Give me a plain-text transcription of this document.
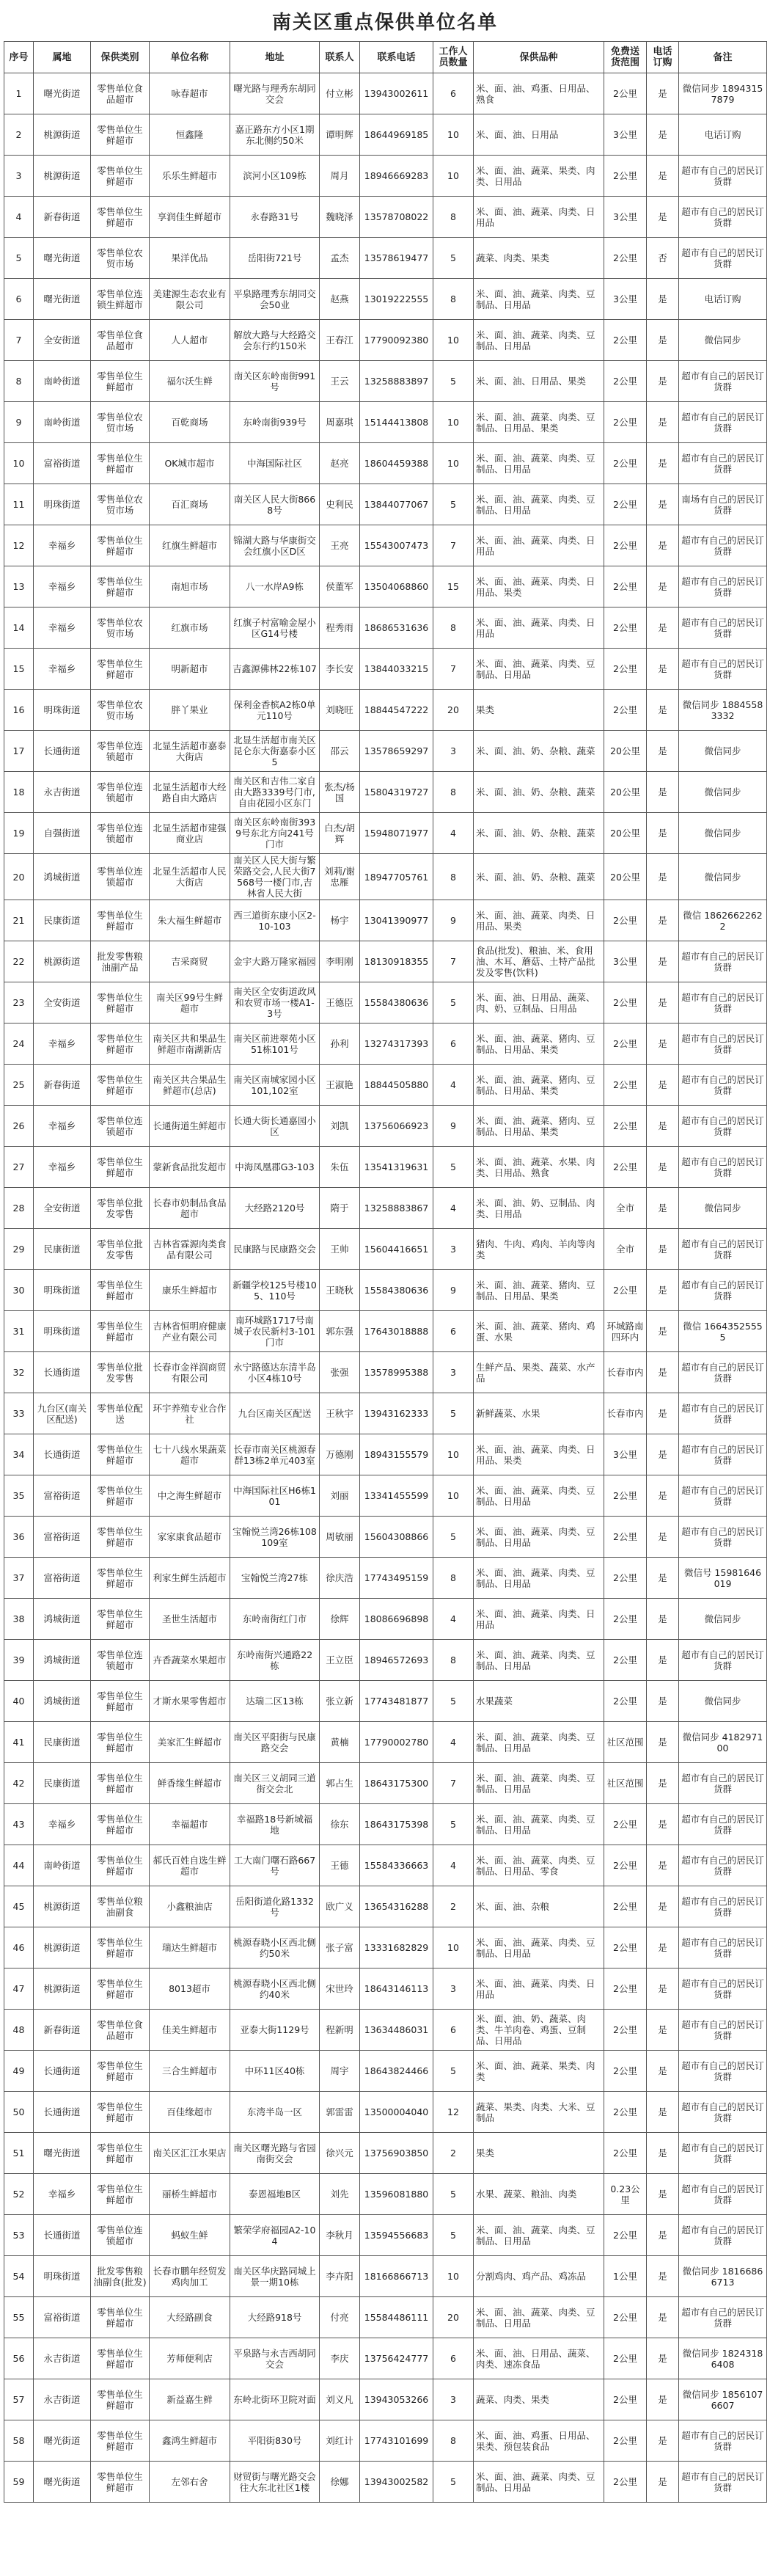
南关区重点保供单位名单
序号	属地	保供类别	单位名称	地址	联系人	联系电话	工作人员数量	保供品种	免费送货范围	电话订购	备注
1	曙光街道	零售单位食品超市	咏春超市	曙光路与理秀东胡同交会	付立彬	13943002611	6	米、面、油、鸡蛋、日用品、熟食	2公里	是	微信同步 18943157879
2	桃源街道	零售单位生鲜超市	恒鑫隆	嘉正路东方小区1期东北侧约50米	谭明辉	18644969185	10	米、面、油、日用品	3公里	是	电话订购
3	桃源街道	零售单位生鲜超市	乐乐生鲜超市	滨河小区109栋	周月	18946669283	10	米、面、油、蔬菜、果类、肉类、日用品	2公里	是	超市有自己的居民订货群
4	新春街道	零售单位生鲜超市	享润佳生鲜超市	永春路31号	魏晓泽	13578708022	8	米、面、油、蔬菜、肉类、日用品	3公里	是	超市有自己的居民订货群
5	曙光街道	零售单位农贸市场	果洋优品	岳阳街721号	孟杰	13578619477	5	蔬菜、肉类、果类	2公里	否	超市有自己的居民订货群
6	曙光街道	零售单位连锁生鲜超市	美建源生态农业有限公司	平泉路理秀东胡同交会50业	赵燕	13019222555	8	米、面、油、蔬菜、肉类、豆制品、日用品	3公里	是	电话订购
7	全安街道	零售单位食品超市	人人超市	解放大路与大经路交会东行约150米	王春江	17790092380	10	米、面、油、蔬菜、肉类、豆制品、日用品	2公里	是	微信同步
8	南岭街道	零售单位生鲜超市	福尔沃生鲜	南关区东岭南街991号	王云	13258883897	5	米、面、油、日用品、果类	2公里	是	超市有自己的居民订货群
9	南岭街道	零售单位农贸市场	百乾商场	东岭南街939号	周嘉琪	15144413808	10	米、面、油、蔬菜、肉类、豆制品、日用品、果类	2公里	是	超市有自己的居民订货群
10	富裕街道	零售单位生鲜超市	OK城市超市	中海国际社区	赵亮	18604459388	10	米、面、油、蔬菜、肉类、豆制品、日用品	2公里	是	超市有自己的居民订货群
11	明珠街道	零售单位农贸市场	百汇商场	南关区人民大街8668号	史利民	13844077067	5	米、面、油、蔬菜、肉类、豆制品、日用品	2公里	是	南场有自己的居民订货群
12	幸福乡	零售单位生鲜超市	红旗生鲜超市	锦湖大路与华康街交会红旗小区D区	王亮	15543007473	7	米、面、油、蔬菜、肉类、日用品	2公里	是	超市有自己的居民订货群
13	幸福乡	零售单位生鲜超市	南旭市场	八一水岸A9栋	侯董军	13504068860	15	米、面、油、蔬菜、肉类、日用品、果类	2公里	是	超市有自己的居民订货群
14	幸福乡	零售单位农贸市场	红旗市场	红旗子村富喻金屋小区G14号楼	程秀雨	18686531636	8	米、面、油、蔬菜、肉类、日用品	2公里	是	超市有自己的居民订货群
15	幸福乡	零售单位生鲜超市	明新超市	吉鑫源佛林22栋107	李长安	13844033215	7	米、面、油、蔬菜、肉类、豆制品、日用品	2公里	是	超市有自己的居民订货群
16	明珠街道	零售单位农贸市场	胖丫果业	保利金香槟A2栋0单元110号	刘晓旺	18844547222	20	果类	2公里	是	微信同步 18845583332
17	长通街道	零售单位连锁超市	北显生活超市嘉泰大街店	北显生活超市南关区昆仑东大街嘉泰小区5	邵云	13578659297	3	米、面、油、奶、杂粮、蔬菜	20公里	是	微信同步
18	永吉街道	零售单位连锁超市	北显生活超市大经路自由大路店	南关区和吉伟二家自由大路3339号门市,自由花园小区东门	张杰/杨国	15804319727	8	米、面、油、奶、杂粮、蔬菜	20公里	是	微信同步
19	自强街道	零售单位连锁超市	北显生活超市建强商业店	南关区东岭南街3939号东北方向241号门市	白杰/胡辉	15948071977	4	米、面、油、奶、杂粮、蔬菜	20公里	是	微信同步
20	鸿城街道	零售单位连锁超市	北显生活超市人民大街店	南关区人民大街与繁荣路交会,人民大街7568号一楼门市,吉林省人民大街	刘莉/谢忠雁	18947705761	8	米、面、油、奶、杂粮、蔬菜	20公里	是	微信同步
21	民康街道	零售单位生鲜超市	朱大福生鲜超市	西三道街东康小区2-10-103	杨宇	13041390977	9	米、面、油、蔬菜、肉类、日用品、果类	2公里	是	微信 18626622622
22	桃源街道	批发零售粮油副产品	吉采商贸	金宇大路万隆家福园	李明刚	18130918355	7	食品(批发)、粮油、米、食用油、木耳、蘑菇、土特产品批发及零售(饮料)	3公里	是	超市有自己的居民订货群
23	全安街道	零售单位生鲜超市	南关区99号生鲜超市	南关区全安街道政风和农贸市场一楼A1-3号	王德臣	15584380636	5	米、面、油、日用品、蔬菜、肉、奶、豆制品、日用品	2公里	是	超市有自己的居民订货群
24	幸福乡	零售单位生鲜超市	南关区共和果品生鲜超市南湖新店	南关区前进翠苑小区51栋101号	孙利	13274317393	6	米、面、油、蔬菜、猪肉、豆制品、日用品、果类	2公里	是	超市有自己的居民订货群
25	新春街道	零售单位生鲜超市	南关区共合果品生鲜超市(总店)	南关区南城家园小区101,102室	王淑艳	18844505880	4	米、面、油、蔬菜、猪肉、豆制品、日用品、果类	2公里	是	超市有自己的居民订货群
26	幸福乡	零售单位连锁超市	长通街道生鲜超市	长通大街长通嘉园小区	刘凯	13756066923	9	米、面、油、蔬菜、猪肉、豆制品、日用品、果类	2公里	是	超市有自己的居民订货群
27	幸福乡	零售单位生鲜超市	蒙新食品批发超市	中海凤凰郡G3-103	朱伍	13541319631	5	米、面、油、蔬菜、水果、肉类、日用品、熟食	2公里	是	超市有自己的居民订货群
28	全安街道	零售单位批发零售	长春市奶制品食品超市	大经路2120号	隋于	13258883867	4	米、面、油、奶、豆制品、肉类、日用品	全市	是	微信同步
29	民康街道	零售单位批发零售	吉林省霖源肉类食品有限公司	民康路与民康路交会	王帅	15604416651	3	猪肉、牛肉、鸡肉、羊肉等肉类	全市	是	超市有自己的居民订货群
30	明珠街道	零售单位生鲜超市	康乐生鲜超市	新疆学校125号楼105、110号	王晓秋	15584380636	9	米、面、油、蔬菜、猪肉、豆制品、日用品、果类	2公里	是	超市有自己的居民订货群
31	明珠街道	零售单位生鲜超市	吉林省恒明府健康产业有限公司	南环城路1717号南城子农民新村3-101门市	郭东强	17643018888	6	米、面、油、蔬菜、猪肉、鸡蛋、水果	环城路南四环内	是	微信 16643525555
32	长通街道	零售单位批发零售	长春市金祥润商贸有限公司	永宁路德达东清半岛小区4栋10号	张强	13578995388	3	生鲜产品、果类、蔬菜、水产品	长春市内	是	超市有自己的居民订货群
33	九台区(南关区配送)	零售单位配送	环宇养殖专业合作社	九台区南关区配送	王秋宇	13943162333	5	新鲜蔬菜、水果	长春市内	是	超市有自己的居民订货群
34	长通街道	零售单位生鲜超市	七十八线水果蔬菜超市	长春市南关区桃源春群13栋2单元403室	万德刚	18943155579	10	米、面、油、蔬菜、肉类、日用品、果类	3公里	是	超市有自己的居民订货群
35	富裕街道	零售单位生鲜超市	中之海生鲜超市	中海国际社区H6栋101	刘丽	13341455599	10	米、面、油、蔬菜、肉类、豆制品、日用品	2公里	是	超市有自己的居民订货群
36	富裕街道	零售单位生鲜超市	家家康食品超市	宝翰悦兰湾26栋108 109室	周敏丽	15604308866	5	米、面、油、蔬菜、肉类、豆制品、日用品	2公里	是	超市有自己的居民订货群
37	富裕街道	零售单位生鲜超市	利家生鲜生活超市	宝翰悦兰湾27栋	徐庆浩	17743495159	8	米、面、油、蔬菜、肉类、豆制品、日用品	2公里	是	微信号 15981646019
38	鸿城街道	零售单位生鲜超市	圣世生活超市	东岭南街红门市	徐辉	18086696898	4	米、面、油、蔬菜、肉类、日用品	2公里	是	微信同步
39	鸿城街道	零售单位连锁超市	卉香蔬菜水果超市	东岭南街兴通路22栋	王立臣	18946572693	8	米、面、油、蔬菜、肉类、豆制品、日用品	2公里	是	超市有自己的居民订货群
40	鸿城街道	零售单位生鲜超市	才斯水果零售超市	达瑞二区13栋	张立新	17743481877	5	水果蔬菜	2公里	是	微信同步
41	民康街道	零售单位生鲜超市	美家汇生鲜超市	南关区平阳街与民康路交会	黄楠	17790002780	4	米、面、油、蔬菜、肉类、豆制品、日用品	社区范围	是	微信同步 418297100
42	民康街道	零售单位生鲜超市	鲜香缘生鲜超市	南关区三义胡同三道街交会北	郭占生	18643175300	7	米、面、油、蔬菜、肉类、豆制品、日用品	社区范围	是	超市有自己的居民订货群
43	幸福乡	零售单位生鲜超市	幸福超市	幸福路18号新城福地	徐东	18643175398	5	米、面、油、蔬菜、肉类、豆制品、日用品	2公里	是	超市有自己的居民订货群
44	南岭街道	零售单位生鲜超市	郝氏百姓自选生鲜超市	工大南门曙石路667号	王德	15584336663	4	米、面、油、蔬菜、肉类、豆制品、日用品、零食	2公里	是	超市有自己的居民订货群
45	桃源街道	零售单位粮油副食	小鑫粮油店	岳阳街道化路1332号	欧广义	13654316288	2	米、面、油、杂粮	2公里	是	超市有自己的居民订货群
46	桃源街道	零售单位生鲜超市	瑞达生鲜超市	桃源春晓小区西北侧约50米	张子富	13331682829	10	米、面、油、蔬菜、肉类、豆制品、日用品	2公里	是	超市有自己的居民订货群
47	桃源街道	零售单位生鲜超市	8013超市	桃源春晓小区西北侧约40米	宋世玲	18643146113	3	米、面、油、蔬菜、肉类、日用品	2公里	是	超市有自己的居民订货群
48	新春街道	零售单位食品超市	佳美生鲜超市	亚泰大街1129号	程新明	13634486031	6	米、面、油、奶、蔬菜、肉类、牛羊肉卷、鸡蛋、豆制品、日用品	2公里	是	超市有自己的居民订货群
49	长通街道	零售单位生鲜超市	三合生鲜超市	中环11区40栋	周宇	18643824466	5	米、面、油、蔬菜、果类、肉类	2公里	是	超市有自己的居民订货群
50	长通街道	零售单位生鲜超市	百佳缘超市	东湾半岛一区	郭雷雷	13500004040	12	蔬菜、果类、肉类、大米、豆制品	2公里	是	超市有自己的居民订货群
51	曙光街道	零售单位生鲜超市	南关区汇江水果店	南关区曙光路与省园南街交会	徐兴元	13756903850	2	果类	2公里	是	超市有自己的居民订货群
52	幸福乡	零售单位生鲜超市	丽桥生鲜超市	泰恩福地B区	刘先	13596081880	5	水果、蔬菜、粮油、肉类	0.23公里	是	超市有自己的居民订货群
53	长通街道	零售单位连锁超市	蚂蚁生鲜	繁荣学府福园A2-104	李秋月	13594556683	5	米、面、油、蔬菜、肉类、豆制品、日用品	2公里	是	超市有自己的居民订货群
54	明珠街道	批发零售粮油副食(批发)	长春市鹏年经贸发鸡肉加工	南关区华庆路同城上景一期10栋	李卉阳	18166866713	10	分割鸡肉、鸡产品、鸡冻品	1公里	是	微信同步 18166866713
55	富裕街道	零售单位生鲜超市	大经路副食	大经路918号	付亮	15584486111	20	米、面、油、蔬菜、肉类、豆制品、日用品	2公里	是	超市有自己的居民订货群
56	永吉街道	零售单位生鲜超市	芳师便利店	平泉路与永吉西胡同交会	李庆	13756424777	6	米、面、油、日用品、蔬菜、肉类、速冻食品	2公里	是	微信同步 18243186408
57	永吉街道	零售单位生鲜超市	新益嘉生鲜	东岭北街环卫院对面	刘义凡	13943053266	3	蔬菜、肉类、果类	2公里	是	微信同步 18561076607
58	曙光街道	零售单位生鲜超市	鑫鸿生鲜超市	平阳街830号	刘红计	17743101699	8	米、面、油、鸡蛋、日用品、果类、预包装食品	2公里	是	超市有自己的居民订货群
59	曙光街道	零售单位生鲜超市	左邻右舍	财贸街与曙光路交会往大东北社区1楼	徐娜	13943002582	5	米、面、油、蔬菜、肉类、豆制品、日用品	2公里	是	超市有自己的居民订货群
